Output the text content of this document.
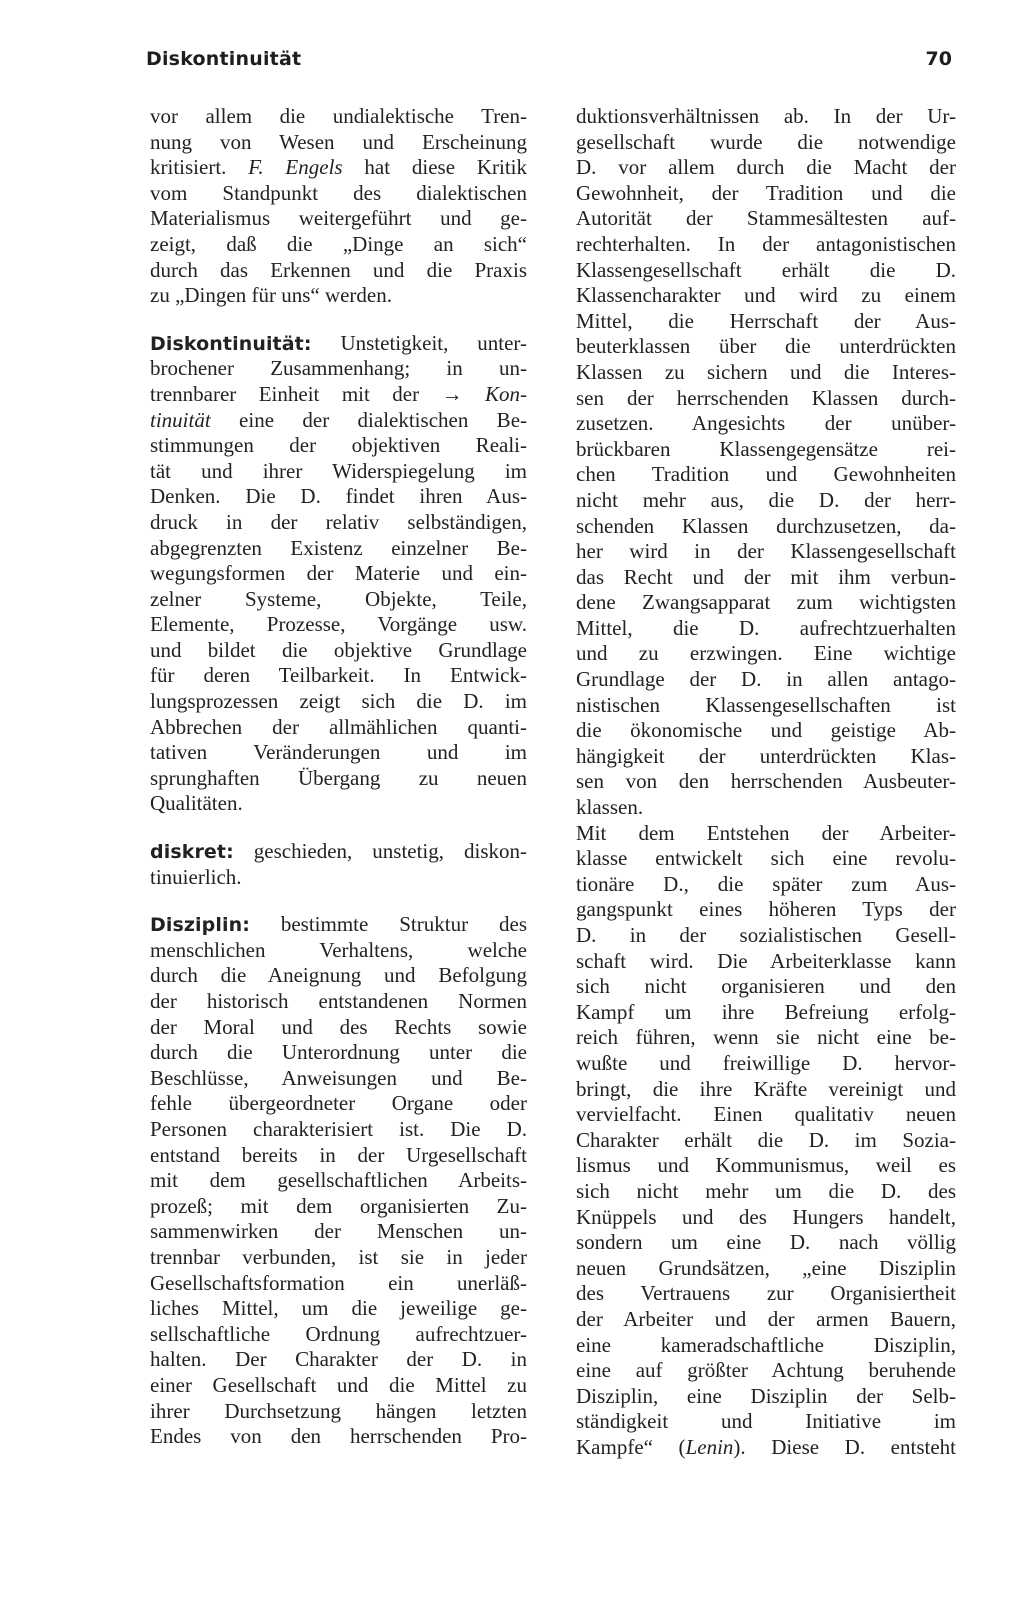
Diskontinuität	70
vor allem die undialektische Tren-
nung von Wesen und Erscheinung
kritisiert. F. Engels hat diese Kritik
vom Standpunkt des dialektischen
Materialismus weitergeführt und ge-
zeigt, daß die „Dinge an sich“
durch das Erkennen und die Praxis
zu „Dingen für uns“ werden.
Diskontinuität: Unstetigkeit, unter-
brochener Zusammenhang; in un-
trennbarer Einheit mit der → Kon-
tinuität eine der dialektischen Be-
stimmungen der objektiven Reali-
tät und ihrer Widerspiegelung im
Denken. Die D. findet ihren Aus-
druck in der relativ selbständigen,
abgegrenzten Existenz einzelner Be-
wegungsformen der Materie und ein-
zelner Systeme, Objekte, Teile,
Elemente, Prozesse, Vorgänge usw.
und bildet die objektive Grundlage
für deren Teilbarkeit. In Entwick-
lungsprozessen zeigt sich die D. im
Abbrechen der allmählichen quanti-
tativen Veränderungen und im
sprunghaften Übergang zu neuen
Qualitäten.
diskret: geschieden, unstetig, diskon-
tinuierlich.
Disziplin: bestimmte Struktur des
menschlichen Verhaltens, welche
durch die Aneignung und Befolgung
der historisch entstandenen Normen
der Moral und des Rechts sowie
durch die Unterordnung unter die
Beschlüsse, Anweisungen und Be-
fehle übergeordneter Organe oder
Personen charakterisiert ist. Die D.
entstand bereits in der Urgesellschaft
mit dem gesellschaftlichen Arbeits-
prozeß; mit dem organisierten Zu-
sammenwirken der Menschen un-
trennbar verbunden, ist sie in jeder
Gesellschaftsformation ein unerläß-
liches Mittel, um die jeweilige ge-
sellschaftliche Ordnung aufrechtzuer-
halten. Der Charakter der D. in
einer Gesellschaft und die Mittel zu
ihrer Durchsetzung hängen letzten
Endes von den herrschenden Pro-
duktionsverhältnissen ab. In der Ur-
gesellschaft wurde die notwendige
D. vor allem durch die Macht der
Gewohnheit, der Tradition und die
Autorität der Stammesältesten auf-
rechterhalten. In der antagonistischen
Klassengesellschaft erhält die D.
Klassencharakter und wird zu einem
Mittel, die Herrschaft der Aus-
beuterklassen über die unterdrückten
Klassen zu sichern und die Interes-
sen der herrschenden Klassen durch-
zusetzen. Angesichts der unüber-
brückbaren Klassengegensätze rei-
chen Tradition und Gewohnheiten
nicht mehr aus, die D. der herr-
schenden Klassen durchzusetzen, da-
her wird in der Klassengesellschaft
das Recht und der mit ihm verbun-
dene Zwangsapparat zum wichtigsten
Mittel, die D. aufrechtzuerhalten
und zu erzwingen. Eine wichtige
Grundlage der D. in allen antago-
nistischen Klassengesellschaften ist
die ökonomische und geistige Ab-
hängigkeit der unterdrückten Klas-
sen von den herrschenden Ausbeuter-
klassen.
Mit dem Entstehen der Arbeiter-
klasse entwickelt sich eine revolu-
tionäre D., die später zum Aus-
gangspunkt eines höheren Typs der
D. in der sozialistischen Gesell-
schaft wird. Die Arbeiterklasse kann
sich nicht organisieren und den
Kampf um ihre Befreiung erfolg-
reich führen, wenn sie nicht eine be-
wußte und freiwillige D. hervor-
bringt, die ihre Kräfte vereinigt und
vervielfacht. Einen qualitativ neuen
Charakter erhält die D. im Sozia-
lismus und Kommunismus, weil es
sich nicht mehr um die D. des
Knüppels und des Hungers handelt,
sondern um eine D. nach völlig
neuen Grundsätzen, „eine Disziplin
des Vertrauens zur Organisiertheit
der Arbeiter und der armen Bauern,
eine kameradschaftliche Disziplin,
eine auf größter Achtung beruhende
Disziplin, eine Disziplin der Selb-
ständigkeit und Initiative im
Kampfe“ (Lenin). Diese D. entsteht
